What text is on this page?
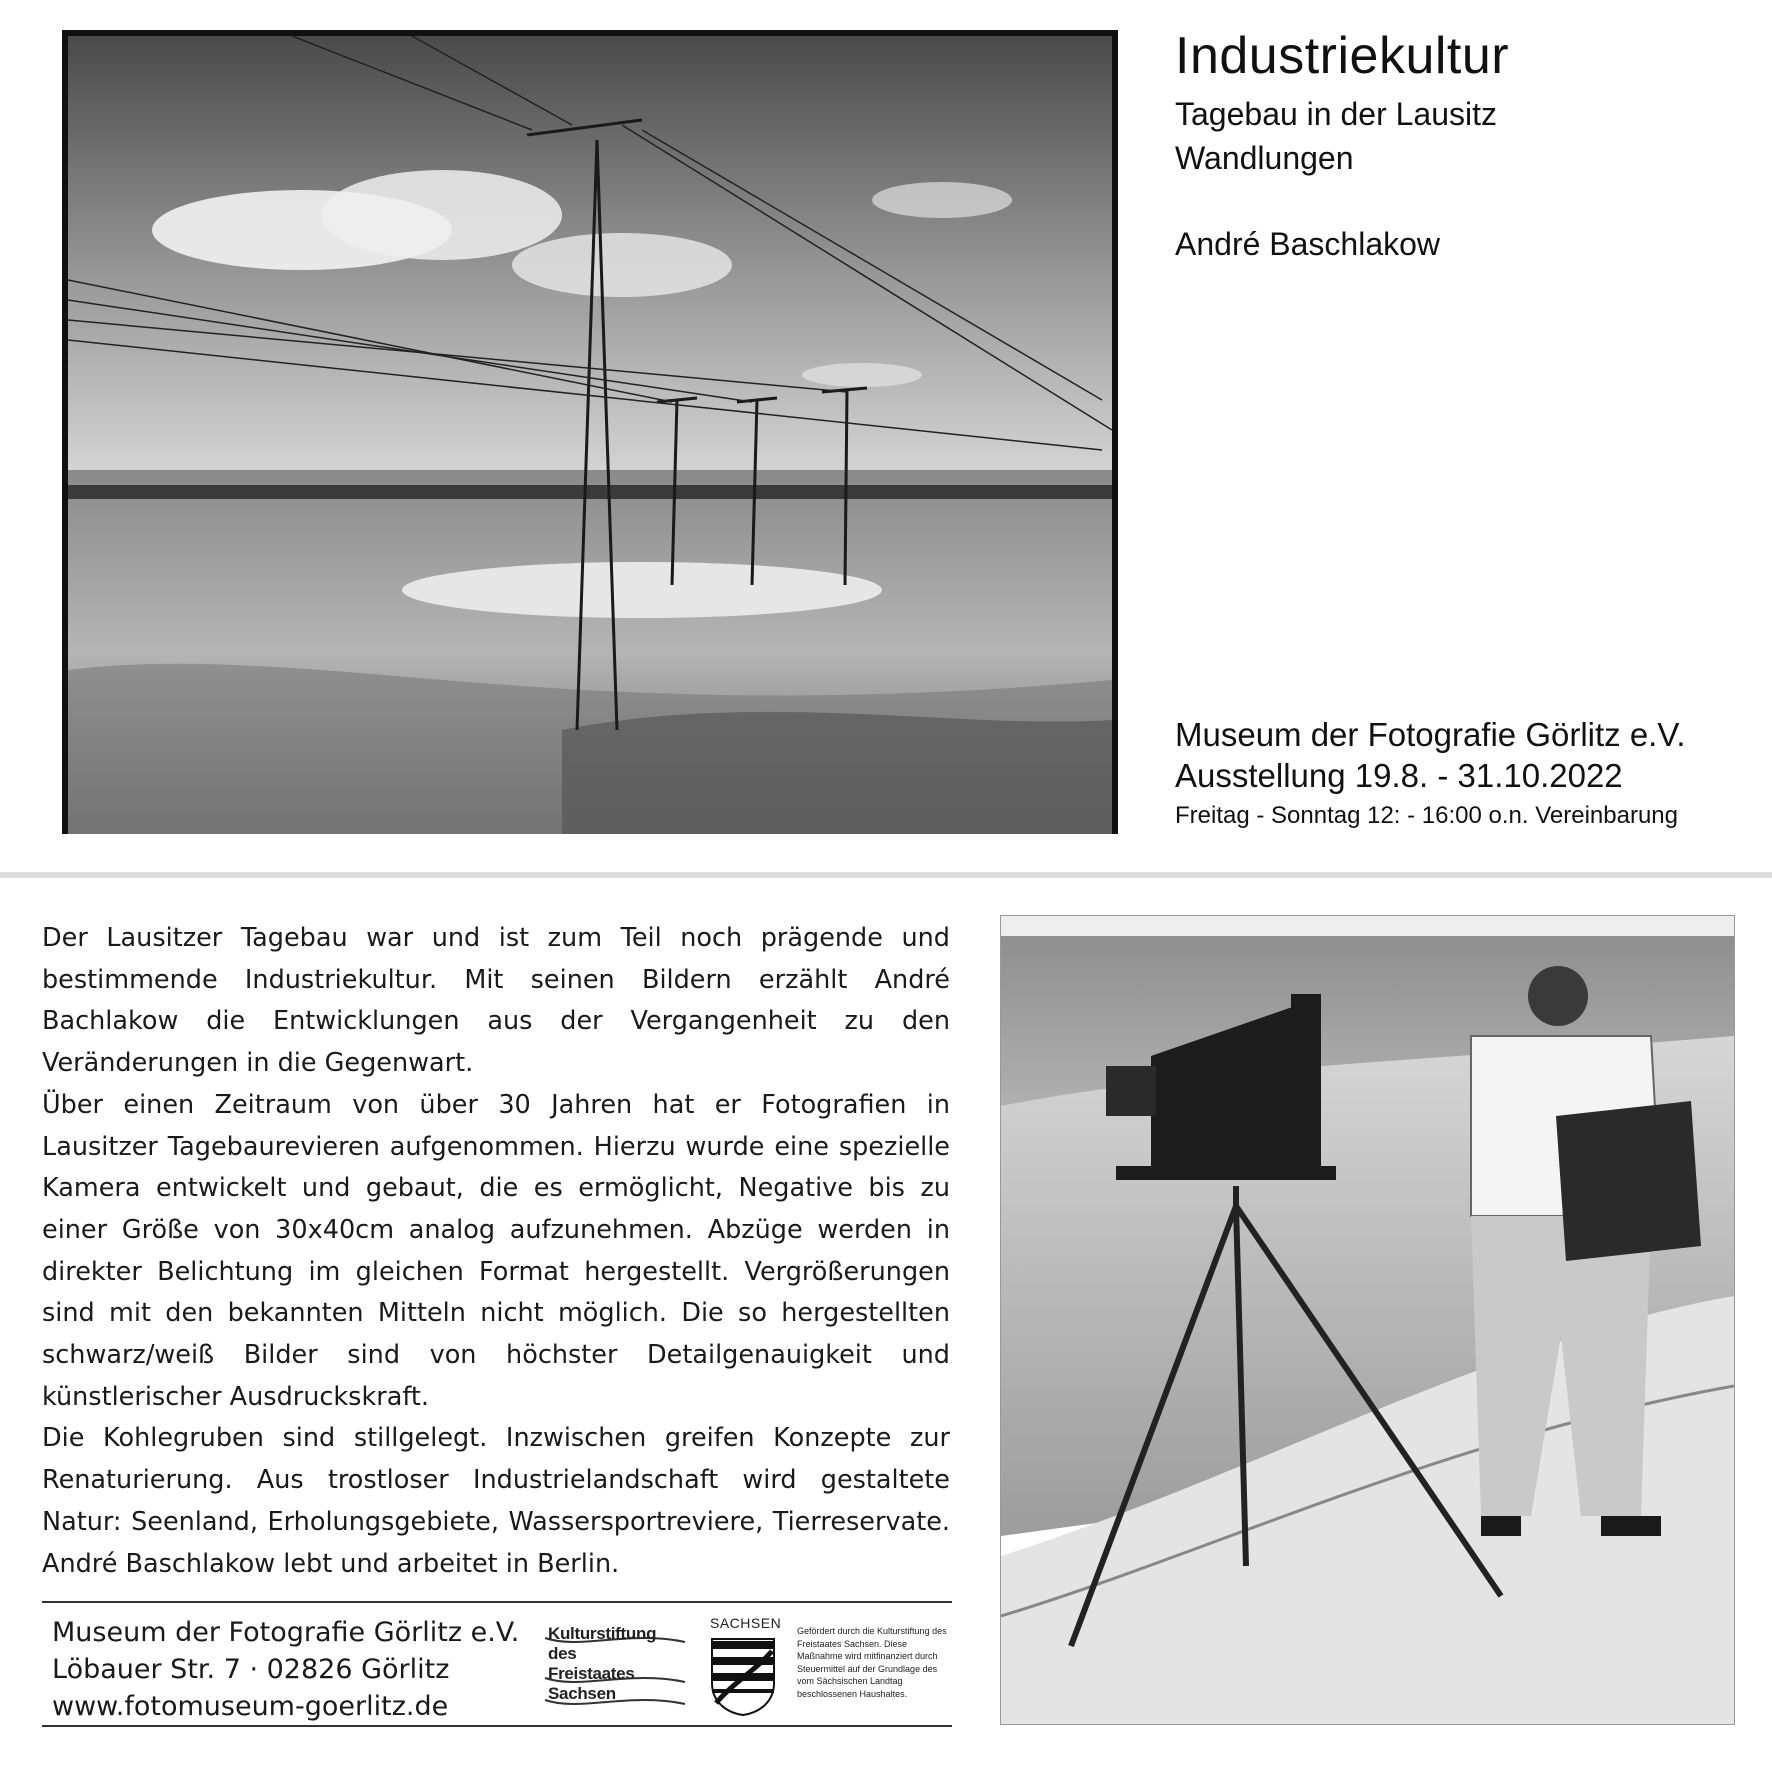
Industriekultur

Tagebau in der Lausitz

Wandlungen

André Baschlakow

Museum der Fotografie Görlitz e.V.

Ausstellung 19.8. - 31.10.2022

Freitag - Sonntag 12: - 16:00 o.n. Vereinbarung

Der Lausitzer Tagebau war und ist zum Teil noch prägende und bestimmende Industriekultur. Mit seinen Bildern erzählt André Bachlakow die Entwicklungen aus der Vergangenheit zu den Veränderungen in die Gegenwart.

Über einen Zeitraum von über 30 Jahren hat er Fotografien in Lausitzer Tagebaurevieren aufgenommen. Hierzu wurde eine spezielle Kamera entwickelt und gebaut, die es ermöglicht, Negative bis zu einer Größe von 30x40cm analog aufzunehmen. Abzüge werden in direkter Belichtung im gleichen Format hergestellt. Vergrößerungen sind mit den bekannten Mitteln nicht möglich. Die so hergestellten schwarz/weiß Bilder sind von höchster Detailgenauigkeit und künstlerischer Ausdruckskraft.

Die Kohlegruben sind stillgelegt. Inzwischen greifen Konzepte zur Renaturierung. Aus trostloser Industrielandschaft wird gestaltete Natur: Seenland, Erholungsgebiete, Wassersportreviere, Tierreservate. André Baschlakow lebt und arbeitet in Berlin.

Museum der Fotografie Görlitz e.V.
Löbauer Str. 7 · 02826 Görlitz
www.fotomuseum-goerlitz.de
Kulturstiftung
des
Freistaates
Sachsen
SACHSEN Gefördert durch die Kulturstiftung des Freistaates Sachsen. Diese Maßnahme wird mitfinanziert durch Steuermittel auf der Grundlage des vom Sächsischen Landtag beschlossenen Haushaltes.
